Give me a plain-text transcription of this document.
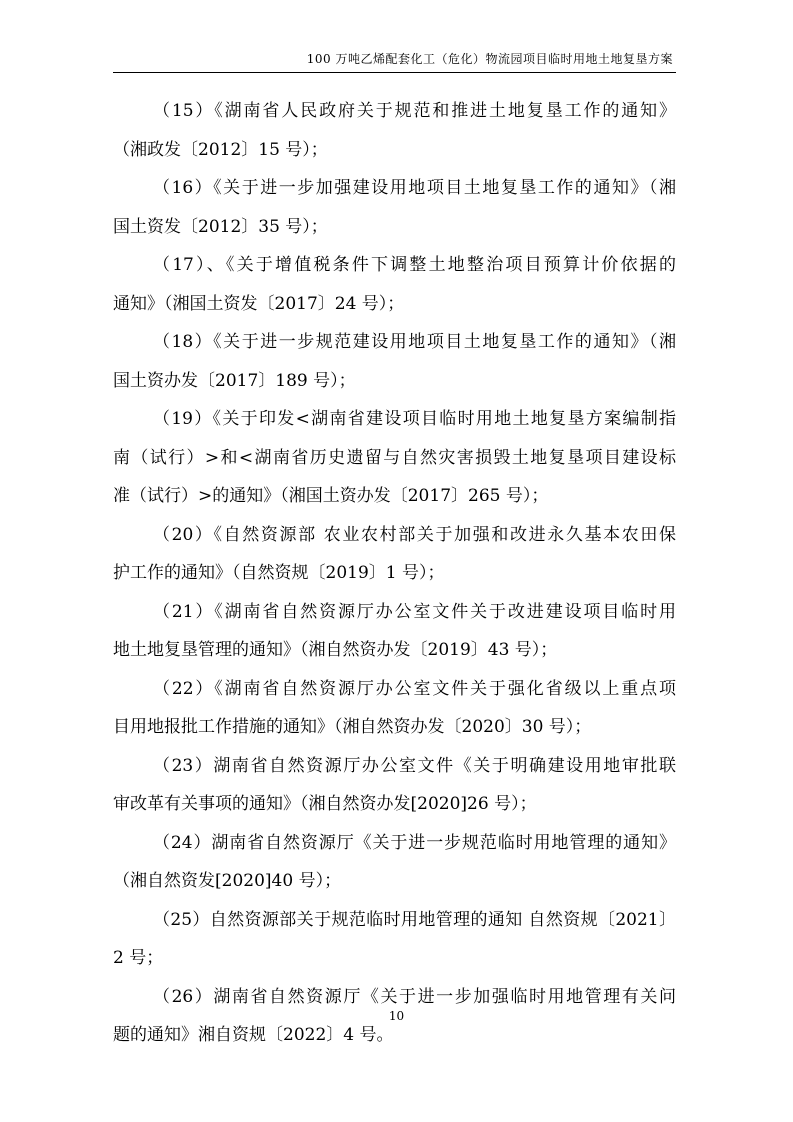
100 万吨乙烯配套化工（危化）物流园项目临时用地土地复垦方案
（15）《湖南省人民政府关于规范和推进土地复垦工作的通知》
（湘政发〔2012〕15 号）；
（16）《关于进一步加强建设用地项目土地复垦工作的通知》（湘
国土资发〔2012〕35 号）；
（17）、《关于增值税条件下调整土地整治项目预算计价依据的
通知》（湘国土资发〔2017〕24 号）；
（18）《关于进一步规范建设用地项目土地复垦工作的通知》（湘
国土资办发〔2017〕189 号）；
（19）《关于印发<湖南省建设项目临时用地土地复垦方案编制指
南（试行）>和<湖南省历史遗留与自然灾害损毁土地复垦项目建设标
准（试行）>的通知》（湘国土资办发〔2017〕265 号）；
（20）《自然资源部 农业农村部关于加强和改进永久基本农田保
护工作的通知》（自然资规〔2019〕1 号）；
（21）《湖南省自然资源厅办公室文件关于改进建设项目临时用
地土地复垦管理的通知》（湘自然资办发〔2019〕43 号）；
（22）《湖南省自然资源厅办公室文件关于强化省级以上重点项
目用地报批工作措施的通知》（湘自然资办发〔2020〕30 号）；
（23）湖南省自然资源厅办公室文件《关于明确建设用地审批联
审改革有关事项的通知》（湘自然资办发[2020]26 号）；
（24）湖南省自然资源厅《关于进一步规范临时用地管理的通知》
（湘自然资发[2020]40 号）；
（25）自然资源部关于规范临时用地管理的通知 自然资规〔2021〕
2 号；
（26）湖南省自然资源厅《关于进一步加强临时用地管理有关问
题的通知》湘自资规〔2022〕4 号。
10
